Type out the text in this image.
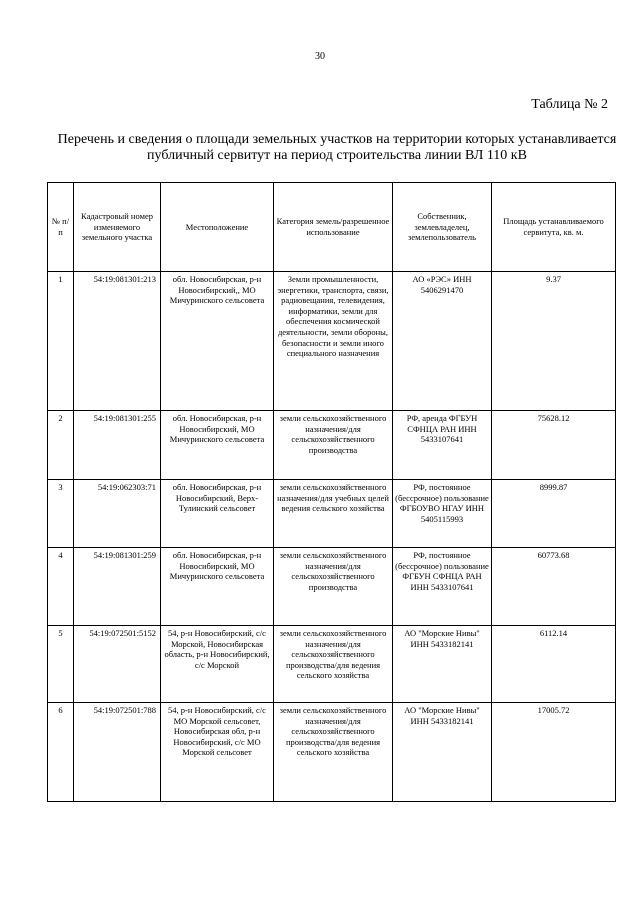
30
Таблица № 2
Перечень и сведения о площади земельных участков на территории которых устанавливается публичный сервитут на период строительства линии ВЛ 110 кВ
№ п/п	Кадастровый номер изменяемого земельного участка	Местоположение	Категория земель/разрешенное использование	Собственник, землевладелец, землепользователь	Площадь устанавливаемого сервитута, кв. м.
1	54:19:081301:213	обл. Новосибирская, р-н Новосибирский,, МО Мичуринского сельсовета	Земли промышленности, энергетики, транспорта, связи, радиовещания, телевидения, информатики, земли для обеспечения космической деятельности, земли обороны, безопасности и земли иного специального назначения	АО «РЭС» ИНН 5406291470	9.37
2	54:19:081301:255	обл. Новосибирская, р-н Новосибирский, МО Мичуринского сельсовета	земли сельскохозяйственного назначения/для сельскохозяйственного производства	РФ, аренда ФГБУН СФНЦА РАН ИНН 5433107641	75628.12
3	54:19:062303:71	обл. Новосибирская, р-н Новосибирский, Верх-Тулинский сельсовет	земли сельскохозяйственного назначения/для учебных целей ведения сельского хозяйства	РФ, постоянное (бессрочное) пользование ФГБОУВО НГАУ ИНН 5405115993	8999.87
4	54:19:081301:259	обл. Новосибирская, р-н Новосибирский, МО Мичуринского сельсовета	земли сельскохозяйственного назначения/для сельскохозяйственного производства	РФ, постоянное (бессрочное) пользование ФГБУН СФНЦА РАН ИНН 5433107641	60773.68
5	54:19:072501:5152	54, р-н Новосибирский, с/с Морской, Новосибирская область, р-н Новосибирский, с/с Морской	земли сельскохозяйственного назначения/для сельскохозяйственного производства/для ведения сельского хозяйства	АО "Морские Нивы" ИНН 5433182141	6112.14
6	54:19:072501:788	54, р-н Новосибирский, с/с МО Морской сельсовет, Новосибирская обл, р-н Новосибирский, с/с МО Морской сельсовет	земли сельскохозяйственного назначения/для сельскохозяйственного производства/для ведения сельского хозяйства	АО "Морские Нивы" ИНН 5433182141	17005.72
